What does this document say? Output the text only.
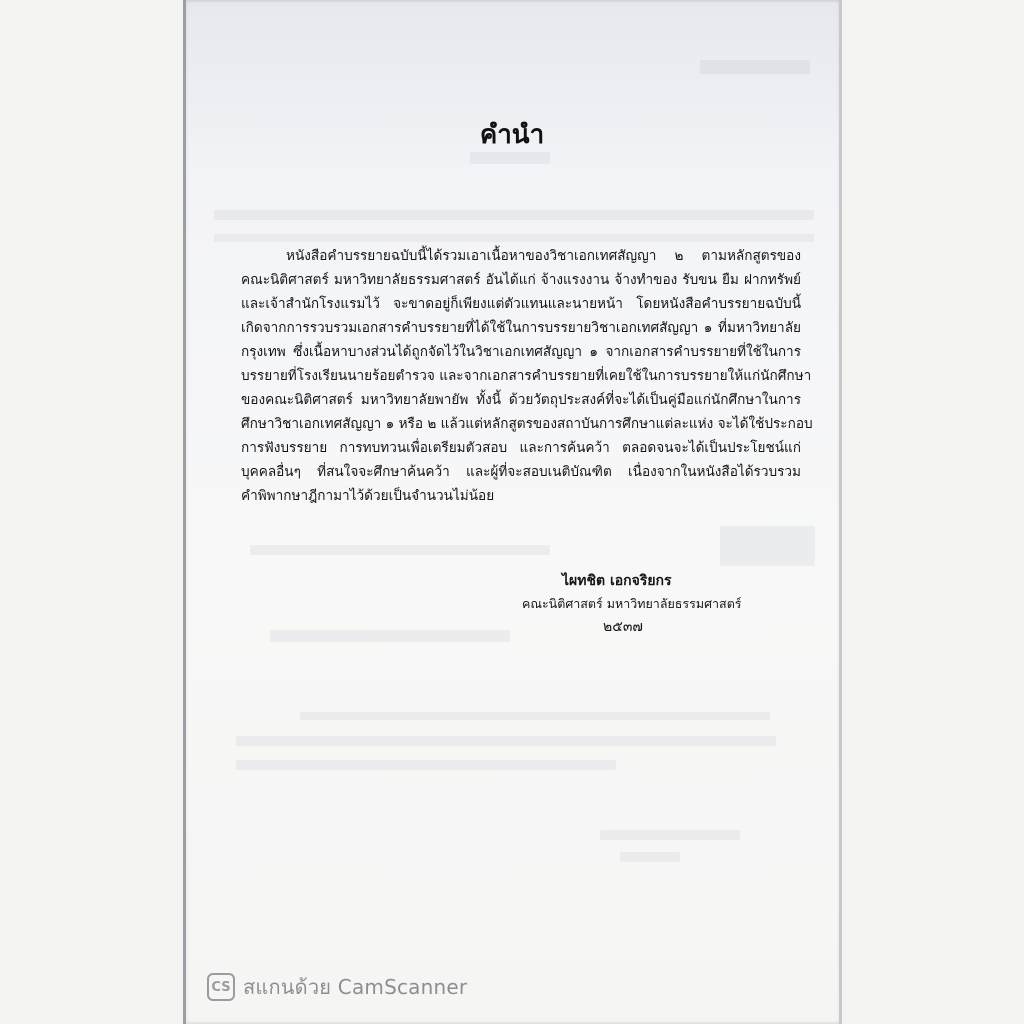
คำนำ
หนังสือคำบรรยายฉบับนี้ได้รวมเอาเนื้อหาของวิชาเอกเทศสัญญา ๒ ตามหลักสูตรของ
คณะนิติศาสตร์ มหาวิทยาลัยธรรมศาสตร์ อันได้แก่ จ้างแรงงาน จ้างทำของ รับขน ยืม ฝากทรัพย์
และเจ้าสำนักโรงแรมไว้ จะขาดอยู่ก็เพียงแต่ตัวแทนและนายหน้า โดยหนังสือคำบรรยายฉบับนี้
เกิดจากการรวบรวมเอกสารคำบรรยายที่ได้ใช้ในการบรรยายวิชาเอกเทศสัญญา ๑ ที่มหาวิทยาลัย
กรุงเทพ ซึ่งเนื้อหาบางส่วนได้ถูกจัดไว้ในวิชาเอกเทศสัญญา ๑ จากเอกสารคำบรรยายที่ใช้ในการ
บรรยายที่โรงเรียนนายร้อยตำรวจ และจากเอกสารคำบรรยายที่เคยใช้ในการบรรยายให้แก่นักศึกษา
ของคณะนิติศาสตร์ มหาวิทยาลัยพายัพ ทั้งนี้ ด้วยวัตถุประสงค์ที่จะได้เป็นคู่มือแก่นักศึกษาในการ
ศึกษาวิชาเอกเทศสัญญา ๑ หรือ ๒ แล้วแต่หลักสูตรของสถาบันการศึกษาแต่ละแห่ง จะได้ใช้ประกอบ
การฟังบรรยาย การทบทวนเพื่อเตรียมตัวสอบ และการค้นคว้า ตลอดจนจะได้เป็นประโยชน์แก่
บุคคลอื่นๆ ที่สนใจจะศึกษาค้นคว้า และผู้ที่จะสอบเนติบัณฑิต เนื่องจากในหนังสือได้รวบรวม
คำพิพากษาฎีกามาไว้ด้วยเป็นจำนวนไม่น้อย
ไผทชิต เอกจริยกร
คณะนิติศาสตร์ มหาวิทยาลัยธรรมศาสตร์
๒๕๓๗
CS สแกนด้วย CamScanner
